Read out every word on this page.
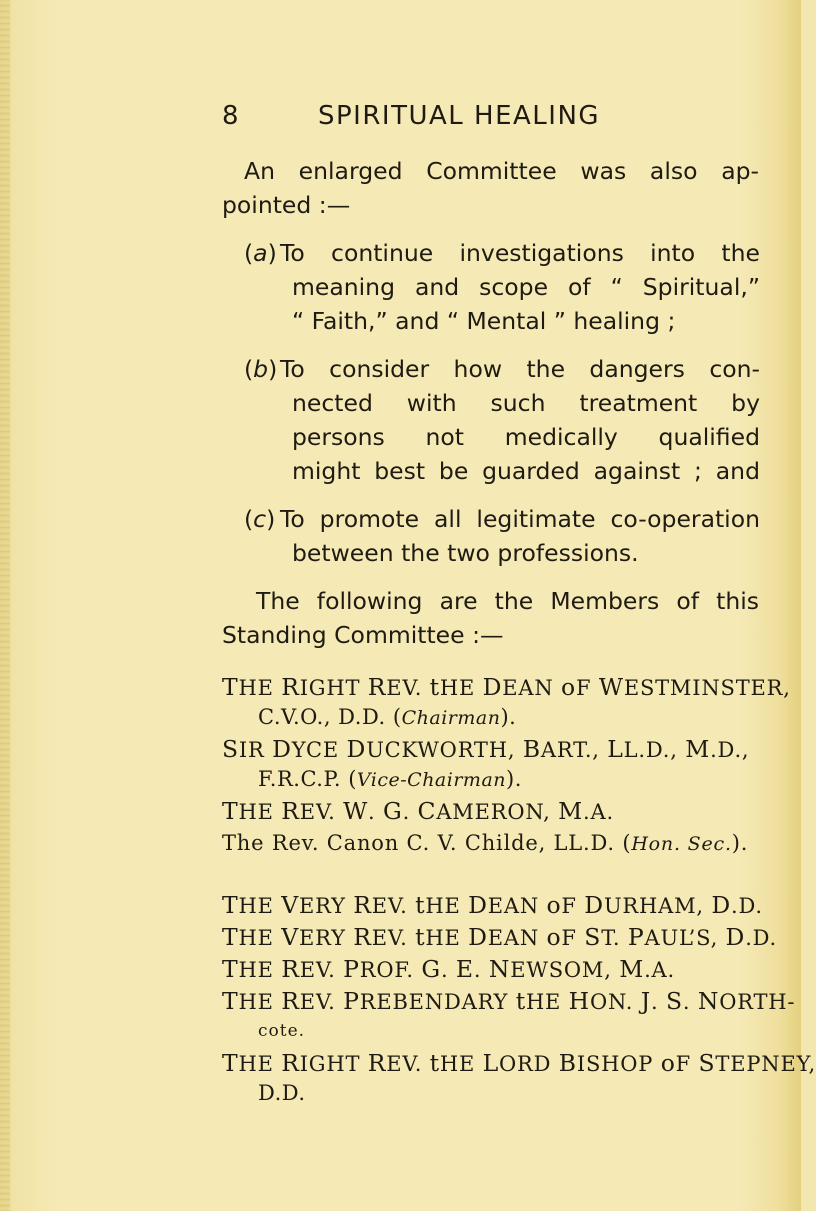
8	SPIRITUAL HEALING
An enlarged Committee was also ap-
pointed :—
(a) To continue investigations into the
meaning and scope of “ Spiritual,”
“ Faith,” and “ Mental ” healing ;
(b) To consider how the dangers con-
nected with such treatment by
persons not medically qualified
might best be guarded against ; and
(c) To promote all legitimate co-operation
between the two professions.
The following are the Members of this
Standing Committee :—
THE RIGHT REV. tHE DEAN oF WESTMINSTER,
C.V.O., D.D. (Chairman).
SIR DYCE DUCKWORTH, BART., LL.D., M.D.,
F.R.C.P. (Vice-Chairman).
THE REV. W. G. CAMERON, M.A.
The Rev. Canon C. V. Childe, LL.D. (Hon. Sec.).
THE VERY REV. tHE DEAN oF DURHAM, D.D.
THE VERY REV. tHE DEAN oF ST. PAUL’S, D.D.
THE REV. PROF. G. E. NEWSOM, M.A.
THE REV. PREBENDARY tHE HON. J. S. NORTH-
cote.
THE RIGHT REV. tHE LORD BISHOP oF STEPNEY,
D.D.
